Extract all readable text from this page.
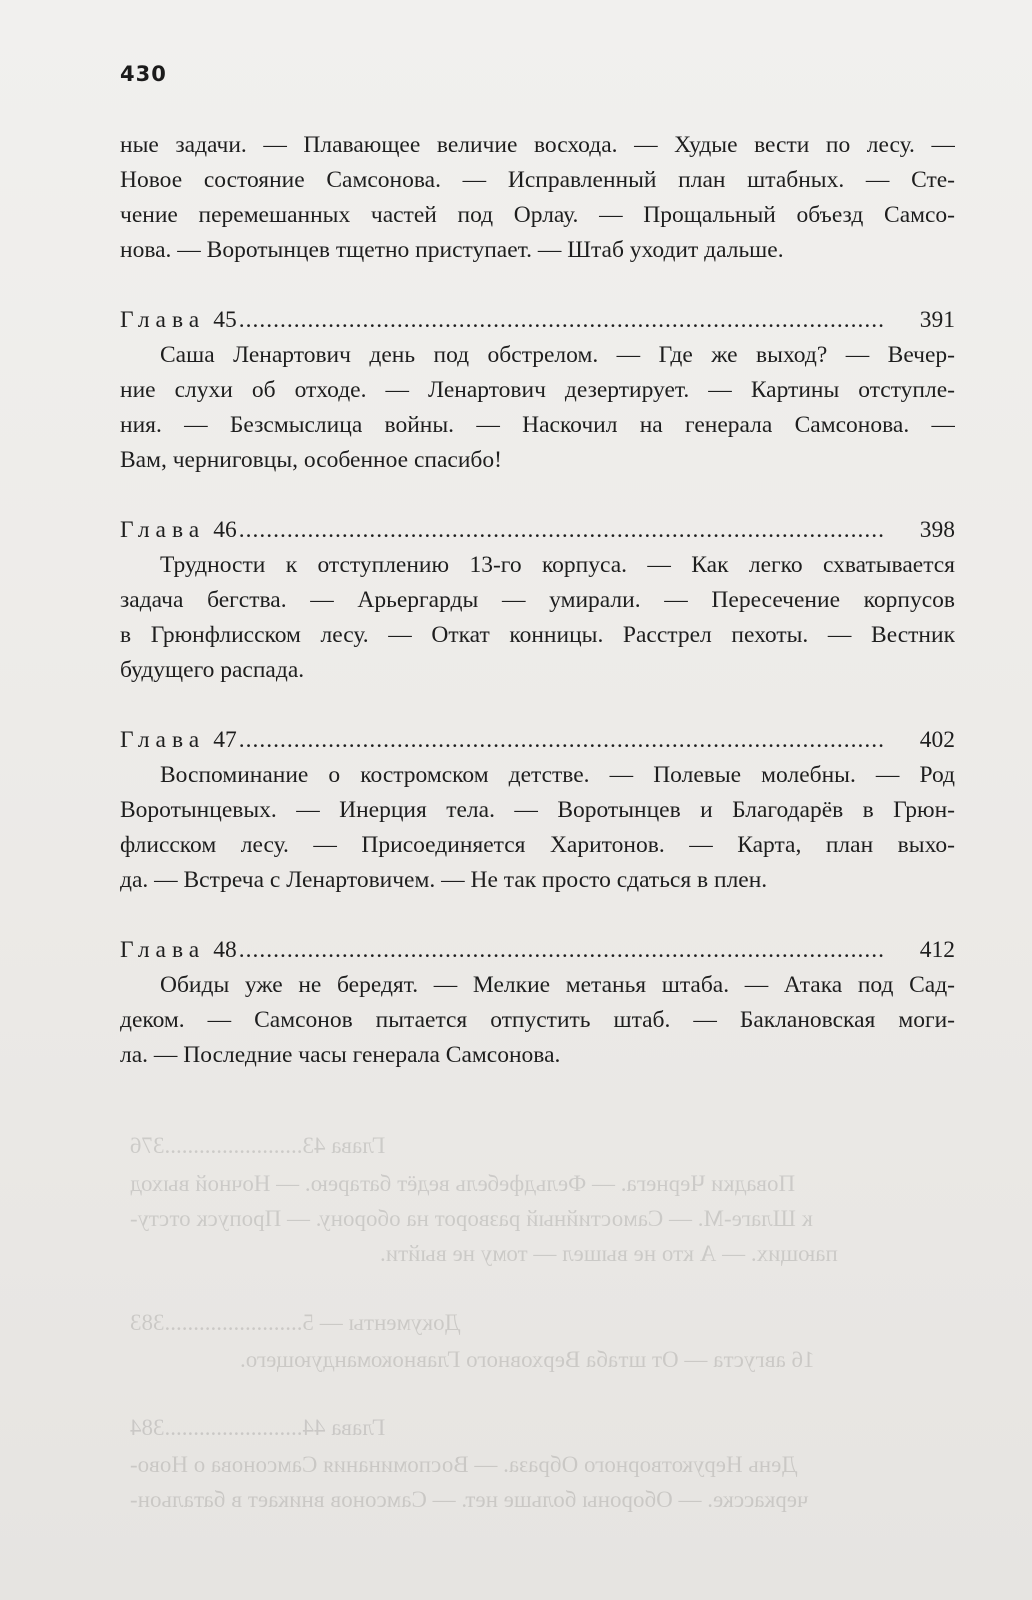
430
Глава 43........................376
Повадки Чернега. — Фельдфебель ведёт батарею. — Ночной выход
к Шлаге-М. — Самостийный разворот на оборону. — Пропуск отсту-
пающих. — А кто не вышел — тому не выйти.
Документы — 5........................383
16 августа — От штаба Верховного Главнокомандующего.
Глава 44........................384
День Нерукотворного Образа. — Воспоминания Самсонова о Ново-
черкасске. — Обороны больше нет. — Самсонов вникает в батальон-
ные задачи. — Плавающее величие восхода. — Худые вести по лесу. —
Новое состояние Самсонова. — Исправленный план штабных. — Сте-
чение перемешанных частей под Орлау. — Прощальный объезд Самсо-
нова. — Воротынцев тщетно приступает. — Штаб уходит дальше.
Глава 45 ..............................................................................................	391
Саша Ленартович день под обстрелом. — Где же выход? — Вечер-
ние слухи об отходе. — Ленартович дезертирует. — Картины отступле-
ния. — Безсмыслица войны. — Наскочил на генерала Самсонова. —
Вам, черниговцы, особенное спасибо!
Глава 46 ..............................................................................................	398
Трудности к отступлению 13-го корпуса. — Как легко схватывается
задача бегства. — Арьергарды — умирали. — Пересечение корпусов
в Грюнфлисском лесу. — Откат конницы. Расстрел пехоты. — Вестник
будущего распада.
Глава 47 ..............................................................................................	402
Воспоминание о костромском детстве. — Полевые молебны. — Род
Воротынцевых. — Инерция тела. — Воротынцев и Благодарёв в Грюн-
флисском лесу. — Присоединяется Харитонов. — Карта, план выхо-
да. — Встреча с Ленартовичем. — Не так просто сдаться в плен.
Глава 48 ..............................................................................................	412
Обиды уже не бередят. — Мелкие метанья штаба. — Атака под Сад-
деком. — Самсонов пытается отпустить штаб. — Баклановская моги-
ла. — Последние часы генерала Самсонова.
